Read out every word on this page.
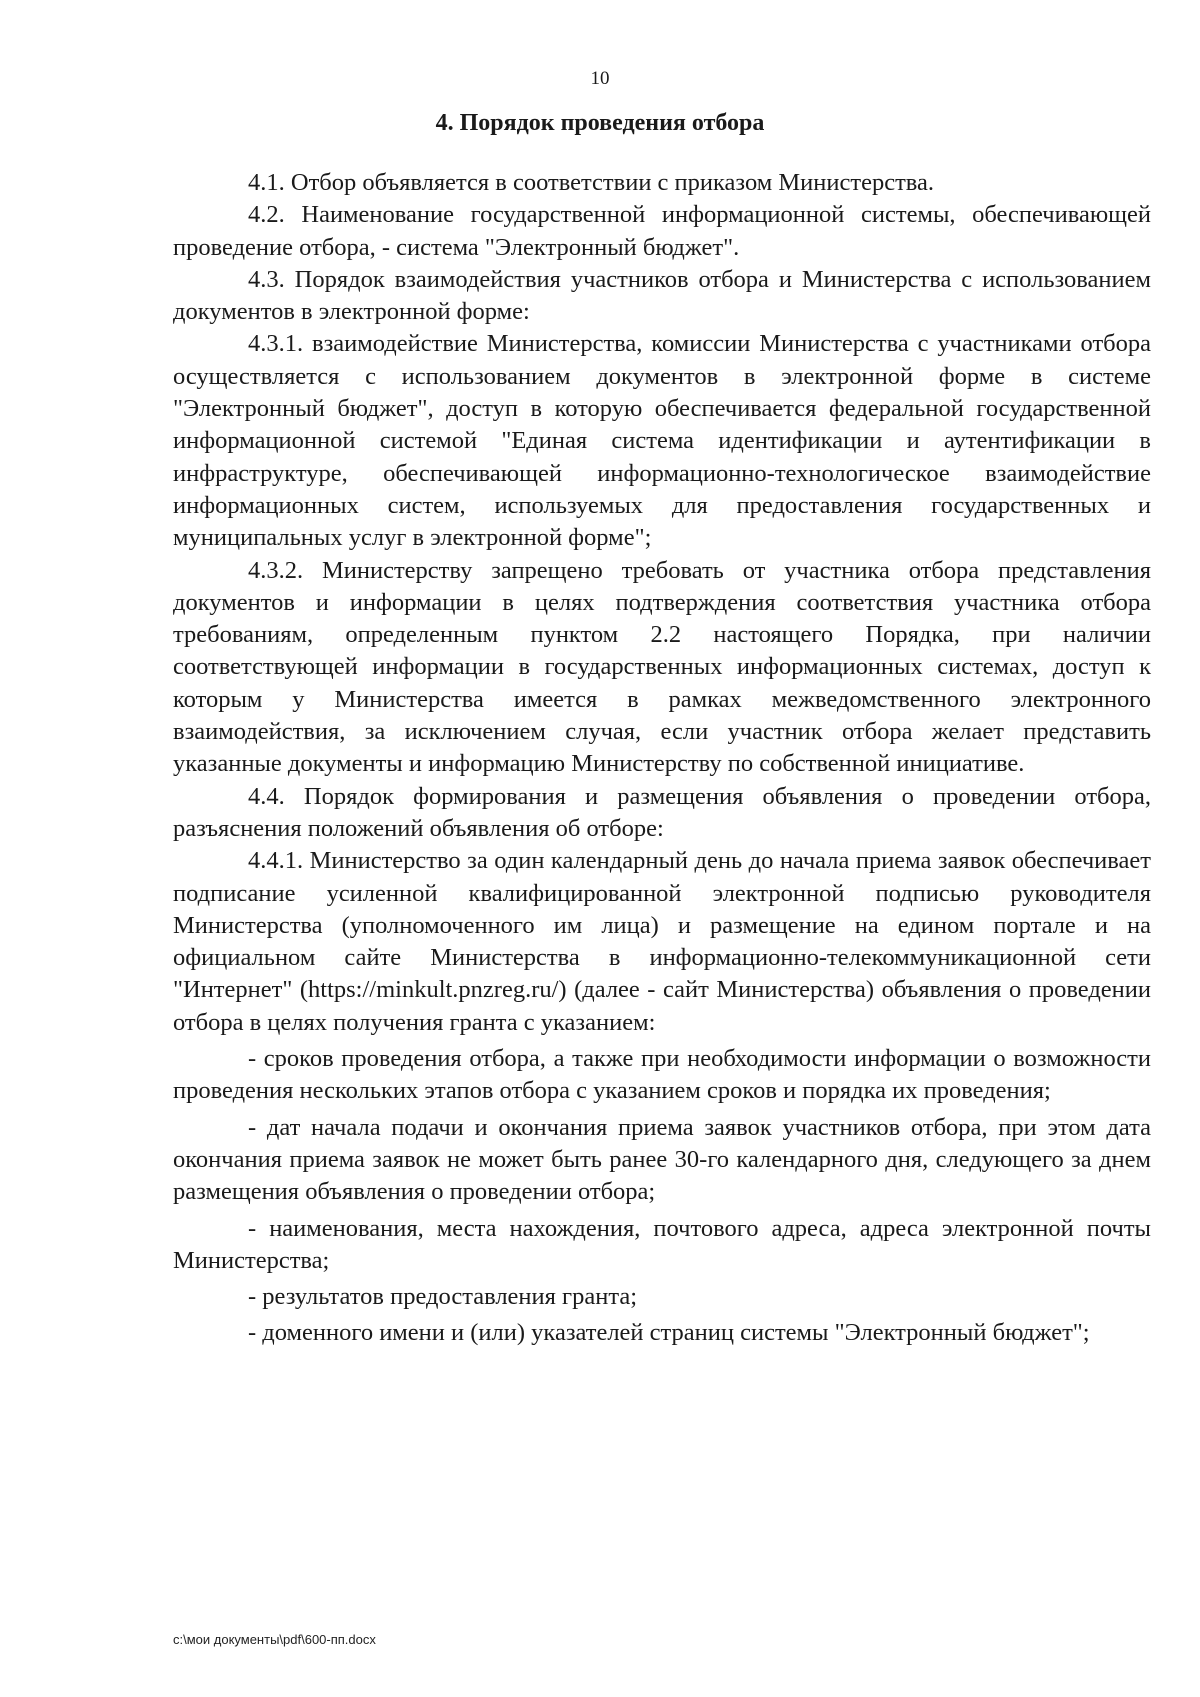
10
4. Порядок проведения отбора

4.1. Отбор объявляется в соответствии с приказом Министерства.

4.2. Наименование государственной информационной системы, обеспечивающей проведение отбора, - система "Электронный бюджет".

4.3. Порядок взаимодействия участников отбора и Министерства с использованием документов в электронной форме:

4.3.1. взаимодействие Министерства, комиссии Министерства с участниками отбора осуществляется с использованием документов в электронной форме в системе "Электронный бюджет", доступ в которую обеспечивается федеральной государственной информационной системой "Единая система идентификации и аутентификации в инфраструктуре, обеспечивающей информационно-технологическое взаимодействие информационных систем, используемых для предоставления государственных и муниципальных услуг в электронной форме";

4.3.2. Министерству запрещено требовать от участника отбора представления документов и информации в целях подтверждения соответствия участника отбора требованиям, определенным пунктом 2.2 настоящего Порядка, при наличии соответствующей информации в государственных информационных системах, доступ к которым у Министерства имеется в рамках межведомственного электронного взаимодействия, за исключением случая, если участник отбора желает представить указанные документы и информацию Министерству по собственной инициативе.

4.4. Порядок формирования и размещения объявления о проведении отбора, разъяснения положений объявления об отборе:

4.4.1. Министерство за один календарный день до начала приема заявок обеспечивает подписание усиленной квалифицированной электронной подписью руководителя Министерства (уполномоченного им лица) и размещение на едином портале и на официальном сайте Министерства в информационно-телекоммуникационной сети "Интернет" (https://minkult.pnzreg.ru/) (далее - сайт Министерства) объявления о проведении отбора в целях получения гранта с указанием:

- сроков проведения отбора, а также при необходимости информации о возможности проведения нескольких этапов отбора с указанием сроков и порядка их проведения;

- дат начала подачи и окончания приема заявок участников отбора, при этом дата окончания приема заявок не может быть ранее 30-го календарного дня, следующего за днем размещения объявления о проведении отбора;

- наименования, места нахождения, почтового адреса, адреса электронной почты Министерства;

- результатов предоставления гранта;

- доменного имени и (или) указателей страниц системы "Электронный бюджет";

c:\мои документы\pdf\600-пп.docx
